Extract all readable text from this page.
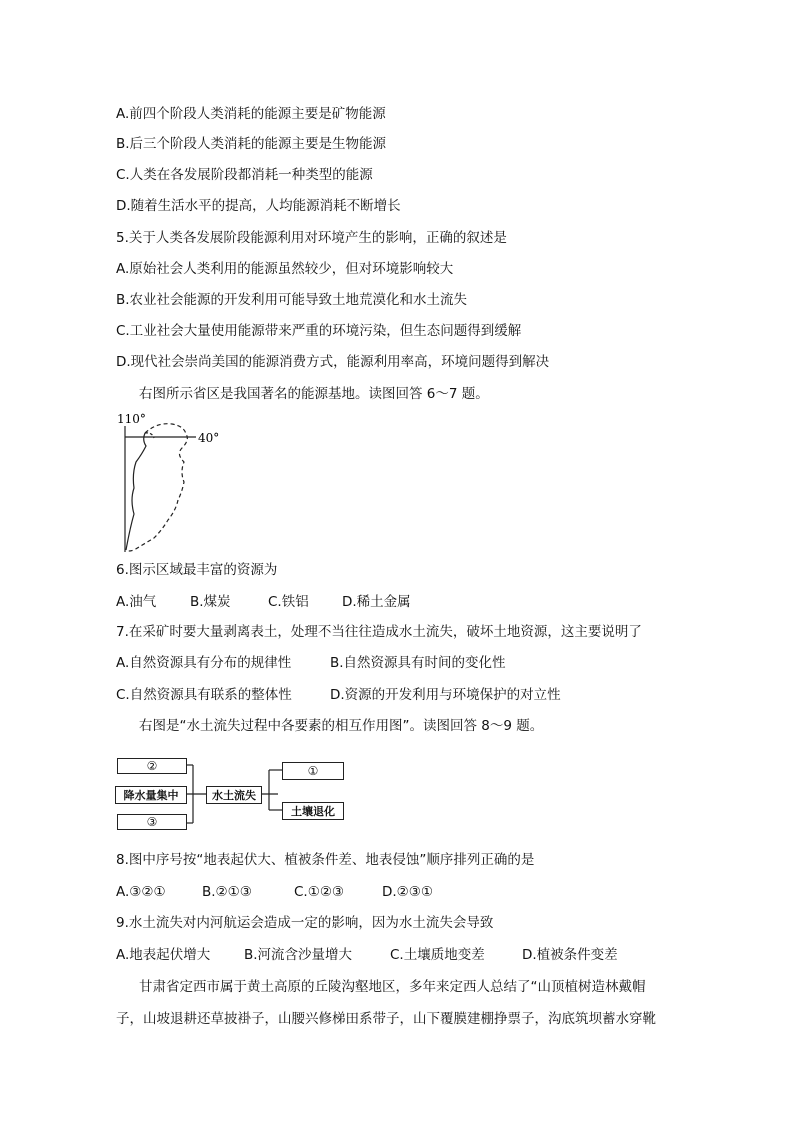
A.前四个阶段人类消耗的能源主要是矿物能源
B.后三个阶段人类消耗的能源主要是生物能源
C.人类在各发展阶段都消耗一种类型的能源
D.随着生活水平的提高，人均能源消耗不断增长
5.关于人类各发展阶段能源利用对环境产生的影响，正确的叙述是
A.原始社会人类利用的能源虽然较少，但对环境影响较大
B.农业社会能源的开发利用可能导致土地荒漠化和水土流失
C.工业社会大量使用能源带来严重的环境污染，但生态问题得到缓解
D.现代社会崇尚美国的能源消费方式，能源利用率高，环境问题得到解决
右图所示省区是我国著名的能源基地。读图回答 6～7 题。
110°
40°
6.图示区域最丰富的资源为
A.油气 B.煤炭	C.铁铝 D.稀土金属
7.在采矿时要大量剥离表土，处理不当往往造成水土流失，破坏土地资源，这主要说明了
A.自然资源具有分布的规律性	B.自然资源具有时间的变化性
C.自然资源具有联系的整体性	D.资源的开发利用与环境保护的对立性
右图是“水土流失过程中各要素的相互作用图”。读图回答 8～9 题。
②
降水量集中
③
水土流失
①
土壤退化
8.图中序号按“地表起伏大、植被条件差、地表侵蚀”顺序排列正确的是
A.③②①	B.②①③	C.①②③	D.②③①
9.水土流失对内河航运会造成一定的影响，因为水土流失会导致
A.地表起伏增大 B.河流含沙量增大	C.土壤质地变差	D.植被条件变差
甘肃省定西市属于黄土高原的丘陵沟壑地区，多年来定西人总结了“山顶植树造林戴帽
子，山坡退耕还草披褂子，山腰兴修梯田系带子，山下覆膜建棚挣票子，沟底筑坝蓄水穿靴
